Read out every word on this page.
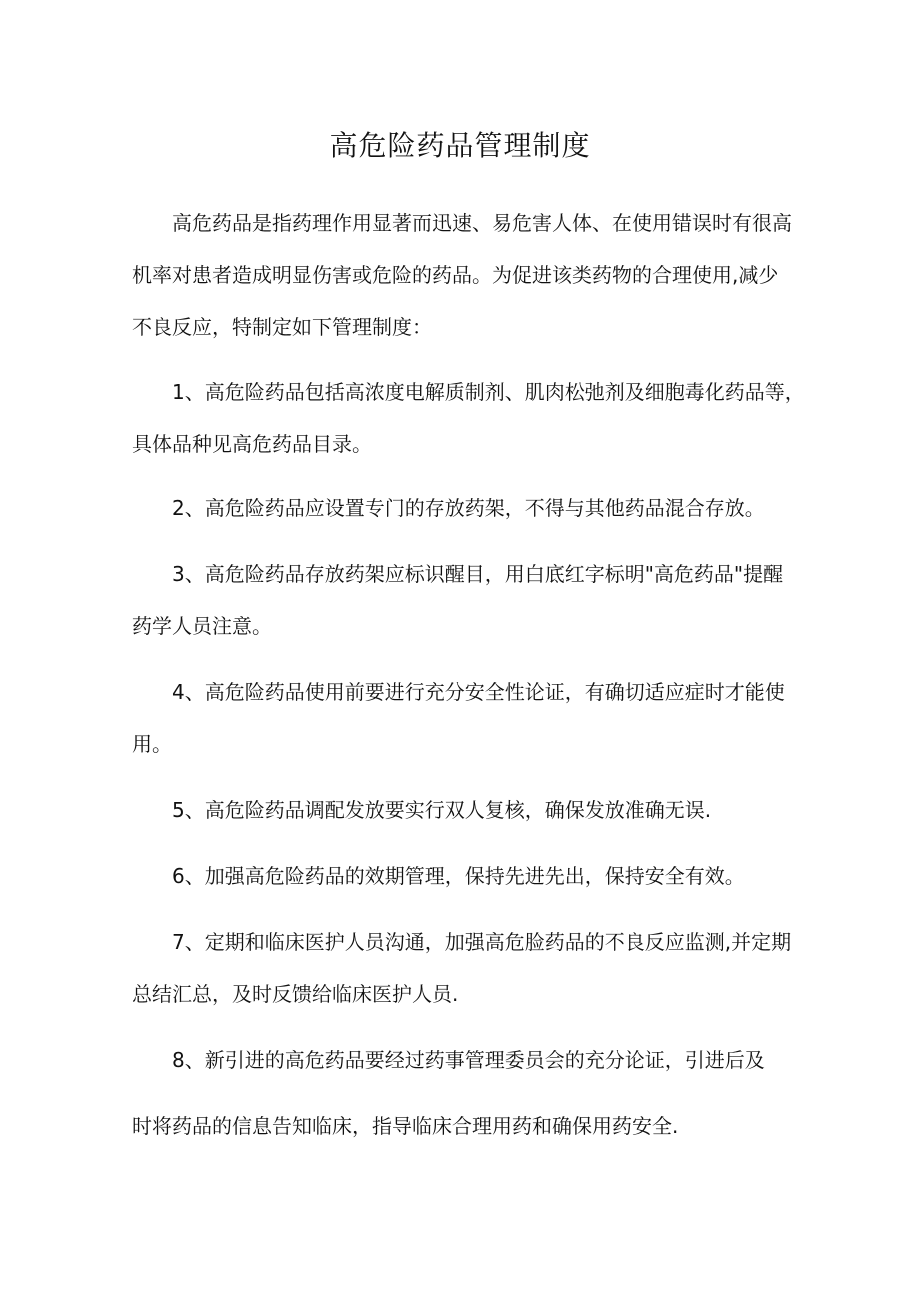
高危险药品管理制度
高危药品是指药理作用显著而迅速、易危害人体、在使用错误时有很高
机率对患者造成明显伤害或危险的药品。为促进该类药物的合理使用,减少
不良反应，特制定如下管理制度：
1、高危险药品包括高浓度电解质制剂、肌肉松弛剂及细胞毒化药品等，
具体品种见高危药品目录。
2、高危险药品应设置专门的存放药架，不得与其他药品混合存放。
3、高危险药品存放药架应标识醒目，用白底红字标明"高危药品"提醒
药学人员注意。
4、高危险药品使用前要进行充分安全性论证，有确切适应症时才能使
用。
5、高危险药品调配发放要实行双人复核，确保发放准确无误.
6、加强高危险药品的效期管理，保持先进先出，保持安全有效。
7、定期和临床医护人员沟通，加强高危脸药品的不良反应监测,并定期
总结汇总，及时反馈给临床医护人员.
8、新引进的高危药品要经过药事管理委员会的充分论证，引进后及
时将药品的信息告知临床，指导临床合理用药和确保用药安全.
